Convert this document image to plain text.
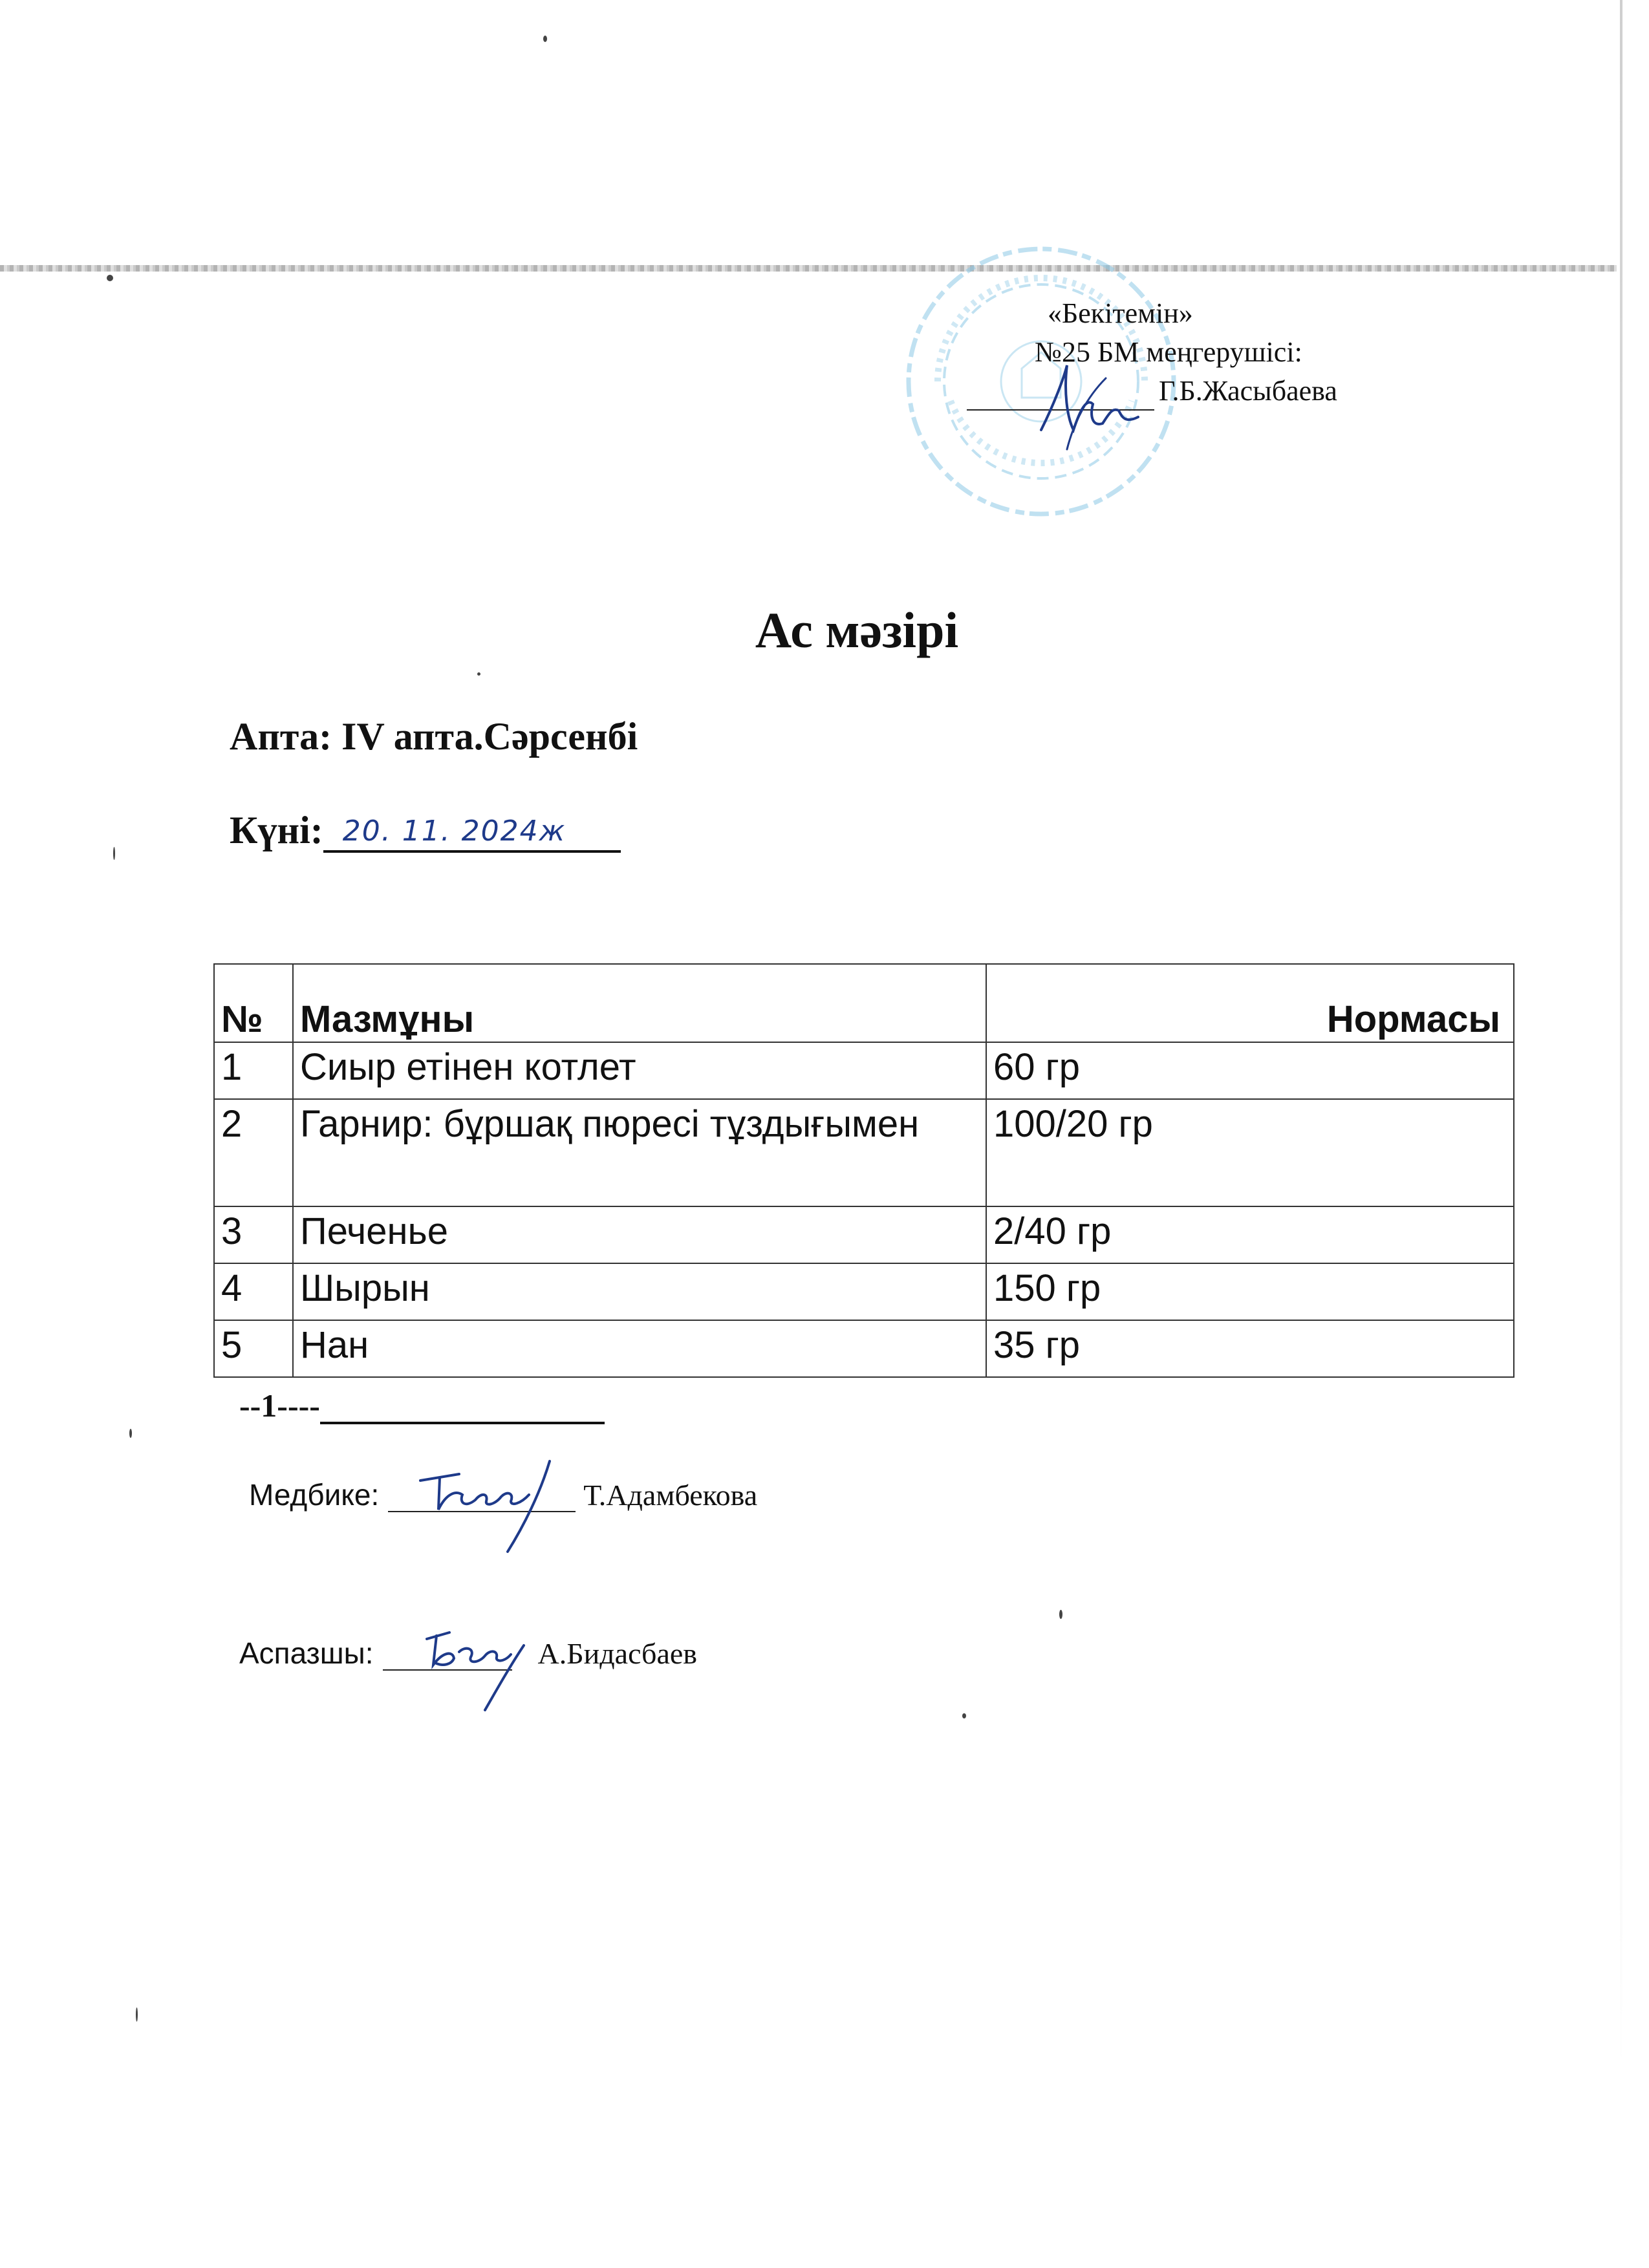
«Бекітемін»
№25 БМ меңгерушісі:
Г.Б.Жасыбаева
Ас мәзірі
Апта: IV апта.Сәрсенбі
Күні: 20. 11. 2024ж
№	Мазмұны	Нормасы
1	Сиыр етінен котлет	60 гр
2	Гарнир: бұршақ пюресі тұздығымен	100/20 гр
3	Печенье	2/40 гр
4	Шырын	150 гр
5	Нан	35 гр
--1----
Медбике:	Т.Адамбекова
Аспазшы:	А.Бидасбаев
